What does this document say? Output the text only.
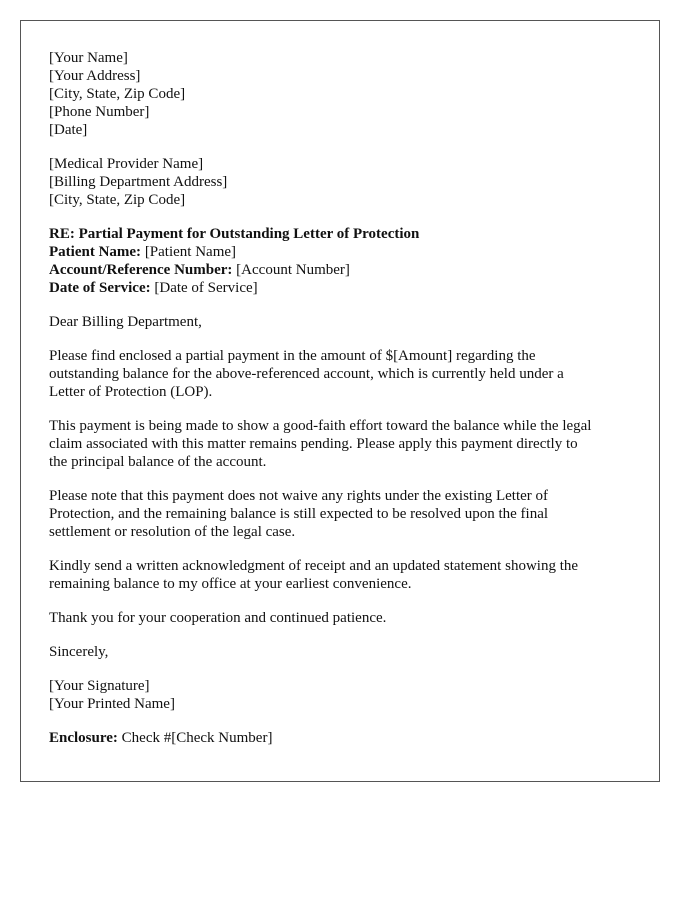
[Your Name]
[Your Address]
[City, State, Zip Code]
[Phone Number]
[Date]
[Medical Provider Name]
[Billing Department Address]
[City, State, Zip Code]
RE: Partial Payment for Outstanding Letter of Protection
Patient Name: [Patient Name]
Account/Reference Number: [Account Number]
Date of Service: [Date of Service]
Dear Billing Department,
Please find enclosed a partial payment in the amount of $[Amount] regarding the
outstanding balance for the above-referenced account, which is currently held under a
Letter of Protection (LOP).
This payment is being made to show a good-faith effort toward the balance while the legal
claim associated with this matter remains pending. Please apply this payment directly to
the principal balance of the account.
Please note that this payment does not waive any rights under the existing Letter of
Protection, and the remaining balance is still expected to be resolved upon the final
settlement or resolution of the legal case.
Kindly send a written acknowledgment of receipt and an updated statement showing the
remaining balance to my office at your earliest convenience.
Thank you for your cooperation and continued patience.
Sincerely,
[Your Signature]
[Your Printed Name]
Enclosure: Check #[Check Number]
